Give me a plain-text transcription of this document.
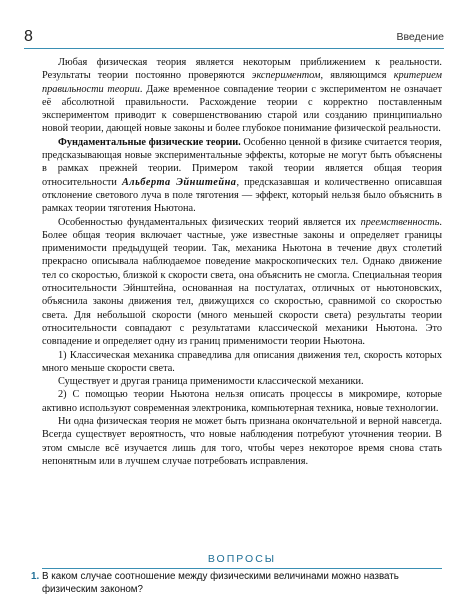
8	Введение

Любая физическая теория является некоторым приближением к реальности. Результаты теории постоянно проверяются экспериментом, являющимся критерием правильности теории. Даже временное совпадение теории с экспериментом не означает её абсолютной правильности. Расхождение теории с корректно поставленным экспериментом приводит к совершенствованию старой или созданию принципиально новой теории, дающей новые законы и более глубокое понимание физической реальности.

Фундаментальные физические теории. Особенно ценной в физике считается теория, предсказывающая новые экспериментальные эффекты, которые не могут быть объяснены в рамках прежней теории. Примером такой теории является общая теория относительности Альберта Эйнштейна, предсказавшая и количественно описавшая отклонение светового луча в поле тяготения — эффект, который нельзя было объяснить в рамках теории тяготения Ньютона.

Особенностью фундаментальных физических теорий является их преемственность. Более общая теория включает частные, уже известные законы и определяет границы применимости предыдущей теории. Так, механика Ньютона в течение двух столетий прекрасно описывала наблюдаемое поведение макроскопических тел. Однако движение тел со скоростью, близкой к скорости света, она объяснить не смогла. Специальная теория относительности Эйнштейна, основанная на постулатах, отличных от ньютоновских, объяснила законы движения тел, движущихся со скоростью, сравнимой со скоростью света. Для небольшой скорости (много меньшей скорости света) результаты теории относительности совпадают с результатами классической механики Ньютона. Это совпадение и определяет одну из границ применимости теории Ньютона.

1) Классическая механика справедлива для описания движения тел, скорость которых много меньше скорости света.

Существует и другая граница применимости классической механики.

2) С помощью теории Ньютона нельзя описать процессы в микромире, которые активно используют современная электроника, компьютерная техника, новые технологии.

Ни одна физическая теория не может быть признана окончательной и верной навсегда. Всегда существует вероятность, что новые наблюдения потребуют уточнения теории. В этом смысле всё изучается лишь для того, чтобы через некоторое время снова стать непонятным или в лучшем случае потребовать исправления.

ВОПРОСЫ
1. В каком случае соотношение между физическими величинами можно назвать физическим законом?
